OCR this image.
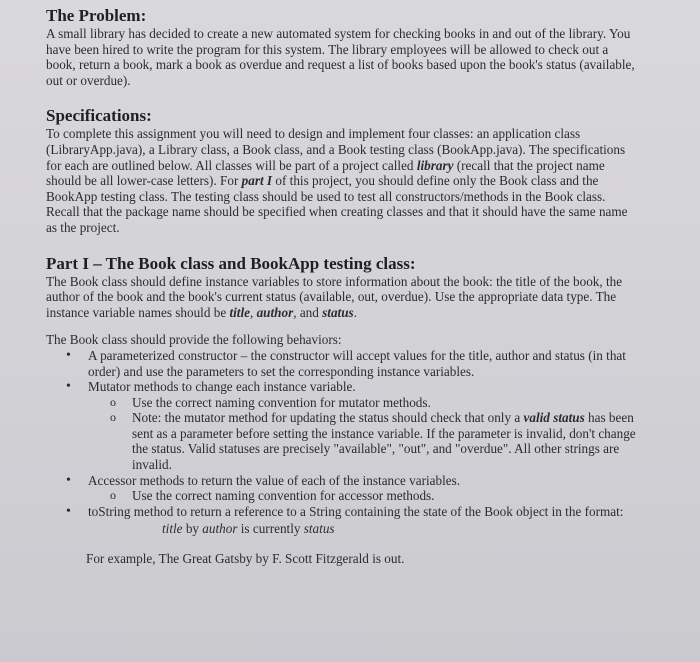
The Problem:

A small library has decided to create a new automated system for checking books in and out of the library. You have been hired to write the program for this system. The library employees will be allowed to check out a book, return a book, mark a book as overdue and request a list of books based upon the book's status (available, out or overdue).

Specifications:

To complete this assignment you will need to design and implement four classes: an application class (LibraryApp.java), a Library class, a Book class, and a Book testing class (BookApp.java). The specifications for each are outlined below. All classes will be part of a project called library (recall that the project name should be all lower-case letters). For part I of this project, you should define only the Book class and the BookApp testing class. The testing class should be used to test all constructors/methods in the Book class. Recall that the package name should be specified when creating classes and that it should have the same name as the project.

Part I – The Book class and BookApp testing class:

The Book class should define instance variables to store information about the book: the title of the book, the author of the book and the book's current status (available, out, overdue). Use the appropriate data type. The instance variable names should be title, author, and status.

The Book class should provide the following behaviors:

• A parameterized constructor – the constructor will accept values for the title, author and status (in that order) and use the parameters to set the corresponding instance variables.
• Mutator methods to change each instance variable.
o Use the correct naming convention for mutator methods.
o Note: the mutator method for updating the status should check that only a valid status has been sent as a parameter before setting the instance variable. If the parameter is invalid, don't change the status. Valid statuses are precisely "available", "out", and "overdue". All other strings are invalid.
• Accessor methods to return the value of each of the instance variables.
o Use the correct naming convention for accessor methods.
• toString method to return a reference to a String containing the state of the Book object in the format:

title by author is currently status

For example, The Great Gatsby by F. Scott Fitzgerald is out.
